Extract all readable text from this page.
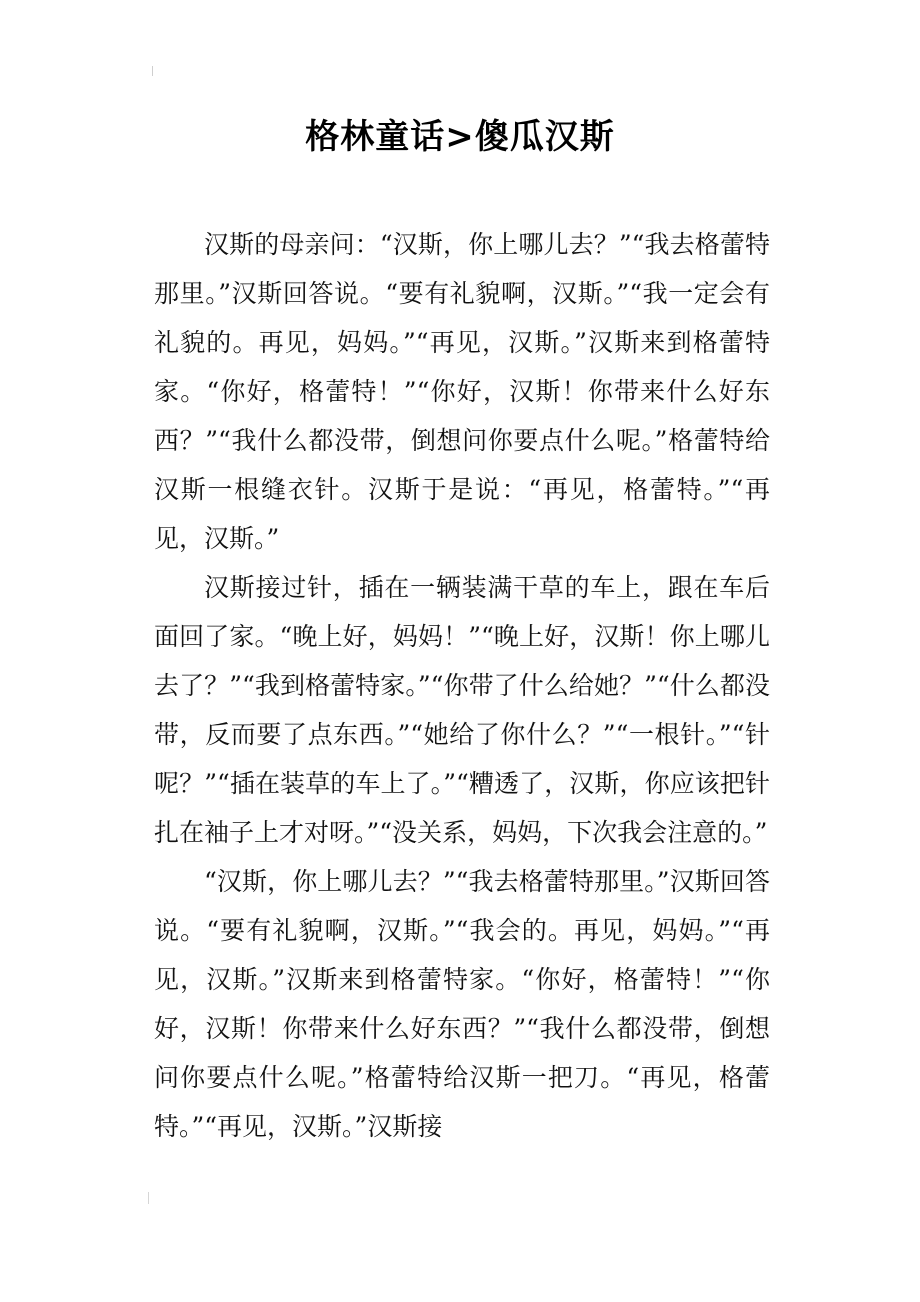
格林童话>傻瓜汉斯

汉斯的母亲问：“汉斯，你上哪儿去？”“我去格蕾特那里。”汉斯回答说。“要有礼貌啊，汉斯。”“我一定会有礼貌的。再见，妈妈。”“再见，汉斯。”汉斯来到格蕾特家。“你好，格蕾特！”“你好，汉斯！你带来什么好东西？”“我什么都没带，倒想问你要点什么呢。”格蕾特给汉斯一根缝衣针。汉斯于是说：“再见，格蕾特。”“再见，汉斯。”

汉斯接过针，插在一辆装满干草的车上，跟在车后面回了家。“晚上好，妈妈！”“晚上好，汉斯！你上哪儿去了？”“我到格蕾特家。”“你带了什么给她？”“什么都没带，反而要了点东西。”“她给了你什么？”“一根针。”“针呢？”“插在装草的车上了。”“糟透了，汉斯，你应该把针扎在袖子上才对呀。”“没关系，妈妈，下次我会注意的。”

“汉斯，你上哪儿去？”“我去格蕾特那里。”汉斯回答说。“要有礼貌啊，汉斯。”“我会的。再见，妈妈。”“再见，汉斯。”汉斯来到格蕾特家。“你好，格蕾特！”“你好，汉斯！你带来什么好东西？”“我什么都没带，倒想问你要点什么呢。”格蕾特给汉斯一把刀。“再见，格蕾特。”“再见，汉斯。”汉斯接
